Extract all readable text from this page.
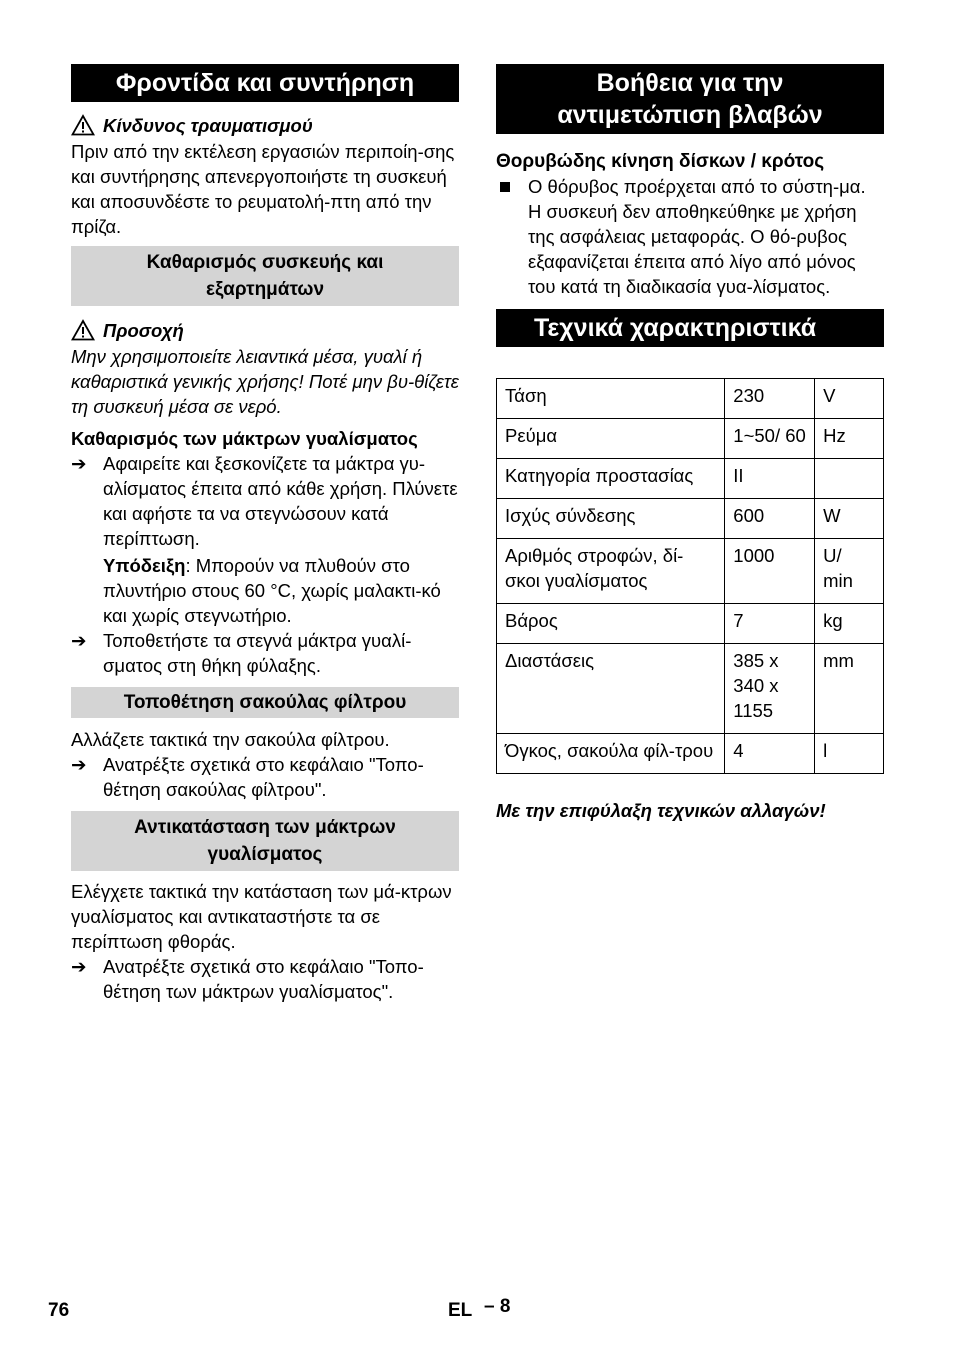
Φροντίδα και συντήρηση
Κίνδυνος τραυματισμού

Πριν από την εκτέλεση εργασιών περιποίη-σης και συντήρησης απενεργοποιήστε τη συσκευή και αποσυνδέστε το ρευματολή-πτη από την πρίζα.

Καθαρισμός συσκευής και
εξαρτημάτων
Προσοχή

Μην χρησιμοποιείτε λειαντικά μέσα, γυαλί ή καθαριστικά γενικής χρήσης! Ποτέ μην βυ-θίζετε τη συσκευή μέσα σε νερό.

Καθαρισμός των μάκτρων γυαλίσματος

➔ Αφαιρείτε και ξεσκονίζετε τα μάκτρα γυ-αλίσματος έπειτα από κάθε χρήση. Πλύνετε και αφήστε τα να στεγνώσουν κατά περίπτωση.

Υπόδειξη: Μπορούν να πλυθούν στο πλυντήριο στους 60 °C, χωρίς μαλακτι-κό και χωρίς στεγνωτήριο.

➔ Τοποθετήστε τα στεγνά μάκτρα γυαλί-σματος στη θήκη φύλαξης.

Τοποθέτηση σακούλας φίλτρου

Αλλάζετε τακτικά την σακούλα φίλτρου.

➔ Ανατρέξτε σχετικά στο κεφάλαιο "Τοπο-θέτηση σακούλας φίλτρου".

Αντικατάσταση των μάκτρων
γυαλίσματος

Ελέγχετε τακτικά την κατάσταση των μά-κτρων γυαλίσματος και αντικαταστήστε τα σε περίπτωση φθοράς.

➔ Ανατρέξτε σχετικά στο κεφάλαιο "Τοπο-θέτηση των μάκτρων γυαλίσματος".

Βοήθεια για την
αντιμετώπιση βλαβών

Θορυβώδης κίνηση δίσκων / κρότος

Ο θόρυβος προέρχεται από το σύστη-μα. Η συσκευή δεν αποθηκεύθηκε με χρήση της ασφάλειας μεταφοράς. Ο θό-ρυβος εξαφανίζεται έπειτα από λίγο από μόνος του κατά τη διαδικασία γυα-λίσματος.

Τεχνικά χαρακτηριστικά
Τάση	230	V
Ρεύμα	1~50/ 60	Hz
Κατηγορία προστασίας	II	
Ισχύς σύνδεσης	600	W
Αριθμός στροφών, δί-σκοι γυαλίσματος	1000	U/ min
Βάρος	7	kg
Διαστάσεις	385 x 340 x 1155	mm
Όγκος, σακούλα φίλ-τρου	4	l

Με την επιφύλαξη τεχνικών αλλαγών!

76	EL – 8
